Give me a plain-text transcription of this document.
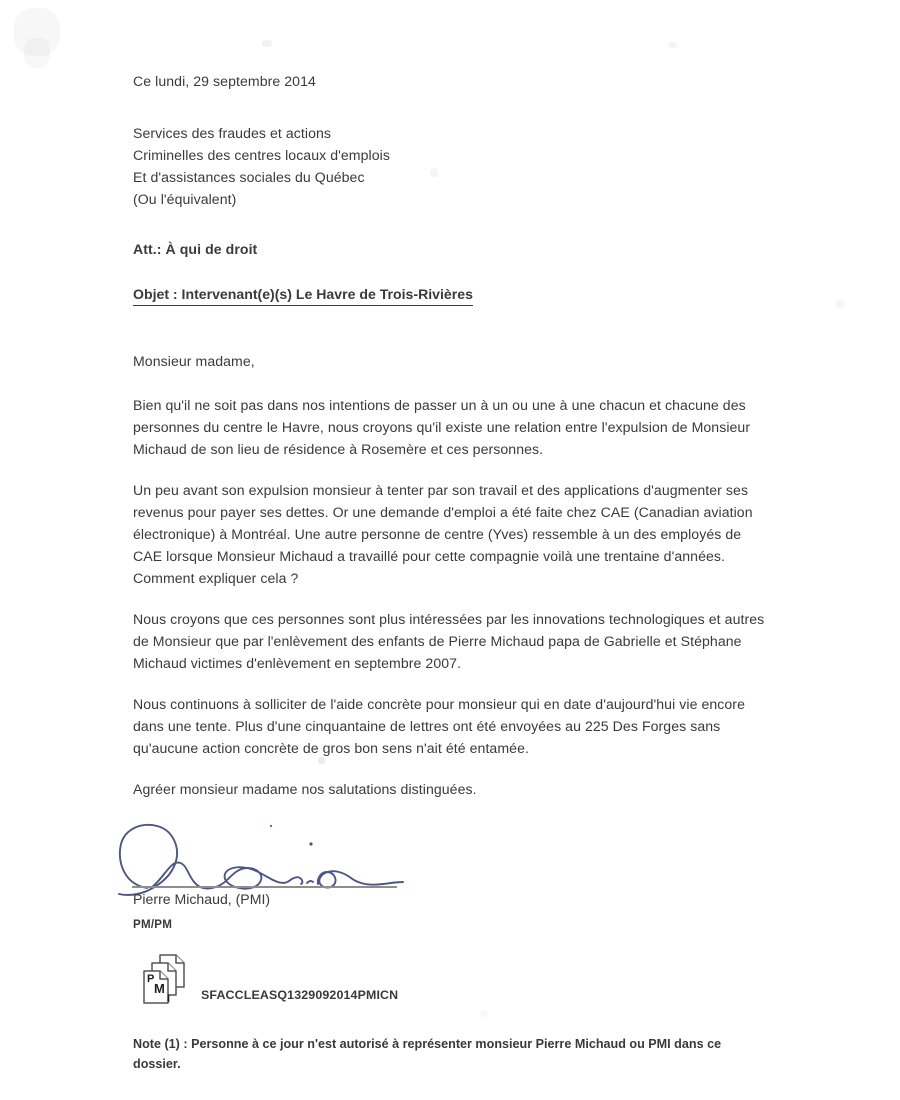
Ce lundi, 29 septembre 2014
Services des fraudes et actions
Criminelles des centres locaux d'emplois
Et d'assistances sociales du Québec
(Ou l'équivalent)
Att.: À qui de droit
Objet : Intervenant(e)(s) Le Havre de Trois-Rivières
Monsieur madame,

Bien qu'il ne soit pas dans nos intentions de passer un à un ou une à une chacun et chacune des personnes du centre le Havre, nous croyons qu'il existe une relation entre l'expulsion de Monsieur Michaud de son lieu de résidence à Rosemère et ces personnes.

Un peu avant son expulsion monsieur à tenter par son travail et des applications d'augmenter ses revenus pour payer ses dettes. Or une demande d'emploi a été faite chez CAE (Canadian aviation électronique) à Montréal. Une autre personne de centre (Yves) ressemble à un des employés de CAE lorsque Monsieur Michaud a travaillé pour cette compagnie voilà une trentaine d'années. Comment expliquer cela ?

Nous croyons que ces personnes sont plus intéressées par les innovations technologiques et autres de Monsieur que par l'enlèvement des enfants de Pierre Michaud papa de Gabrielle et Stéphane Michaud victimes d'enlèvement en septembre 2007.

Nous continuons à solliciter de l'aide concrète pour monsieur qui en date d'aujourd'hui vie encore dans une tente. Plus d'une cinquantaine de lettres ont été envoyées au 225 Des Forges sans qu'aucune action concrète de gros bon sens n'ait été entamée.

Agréer monsieur madame nos salutations distinguées.

Pierre Michaud, (PMI)
PM/PM
P
M
I SFACCLEASQ1329092014PMICN

Note (1) : Personne à ce jour n'est autorisé à représenter monsieur Pierre Michaud ou PMI dans ce dossier.
